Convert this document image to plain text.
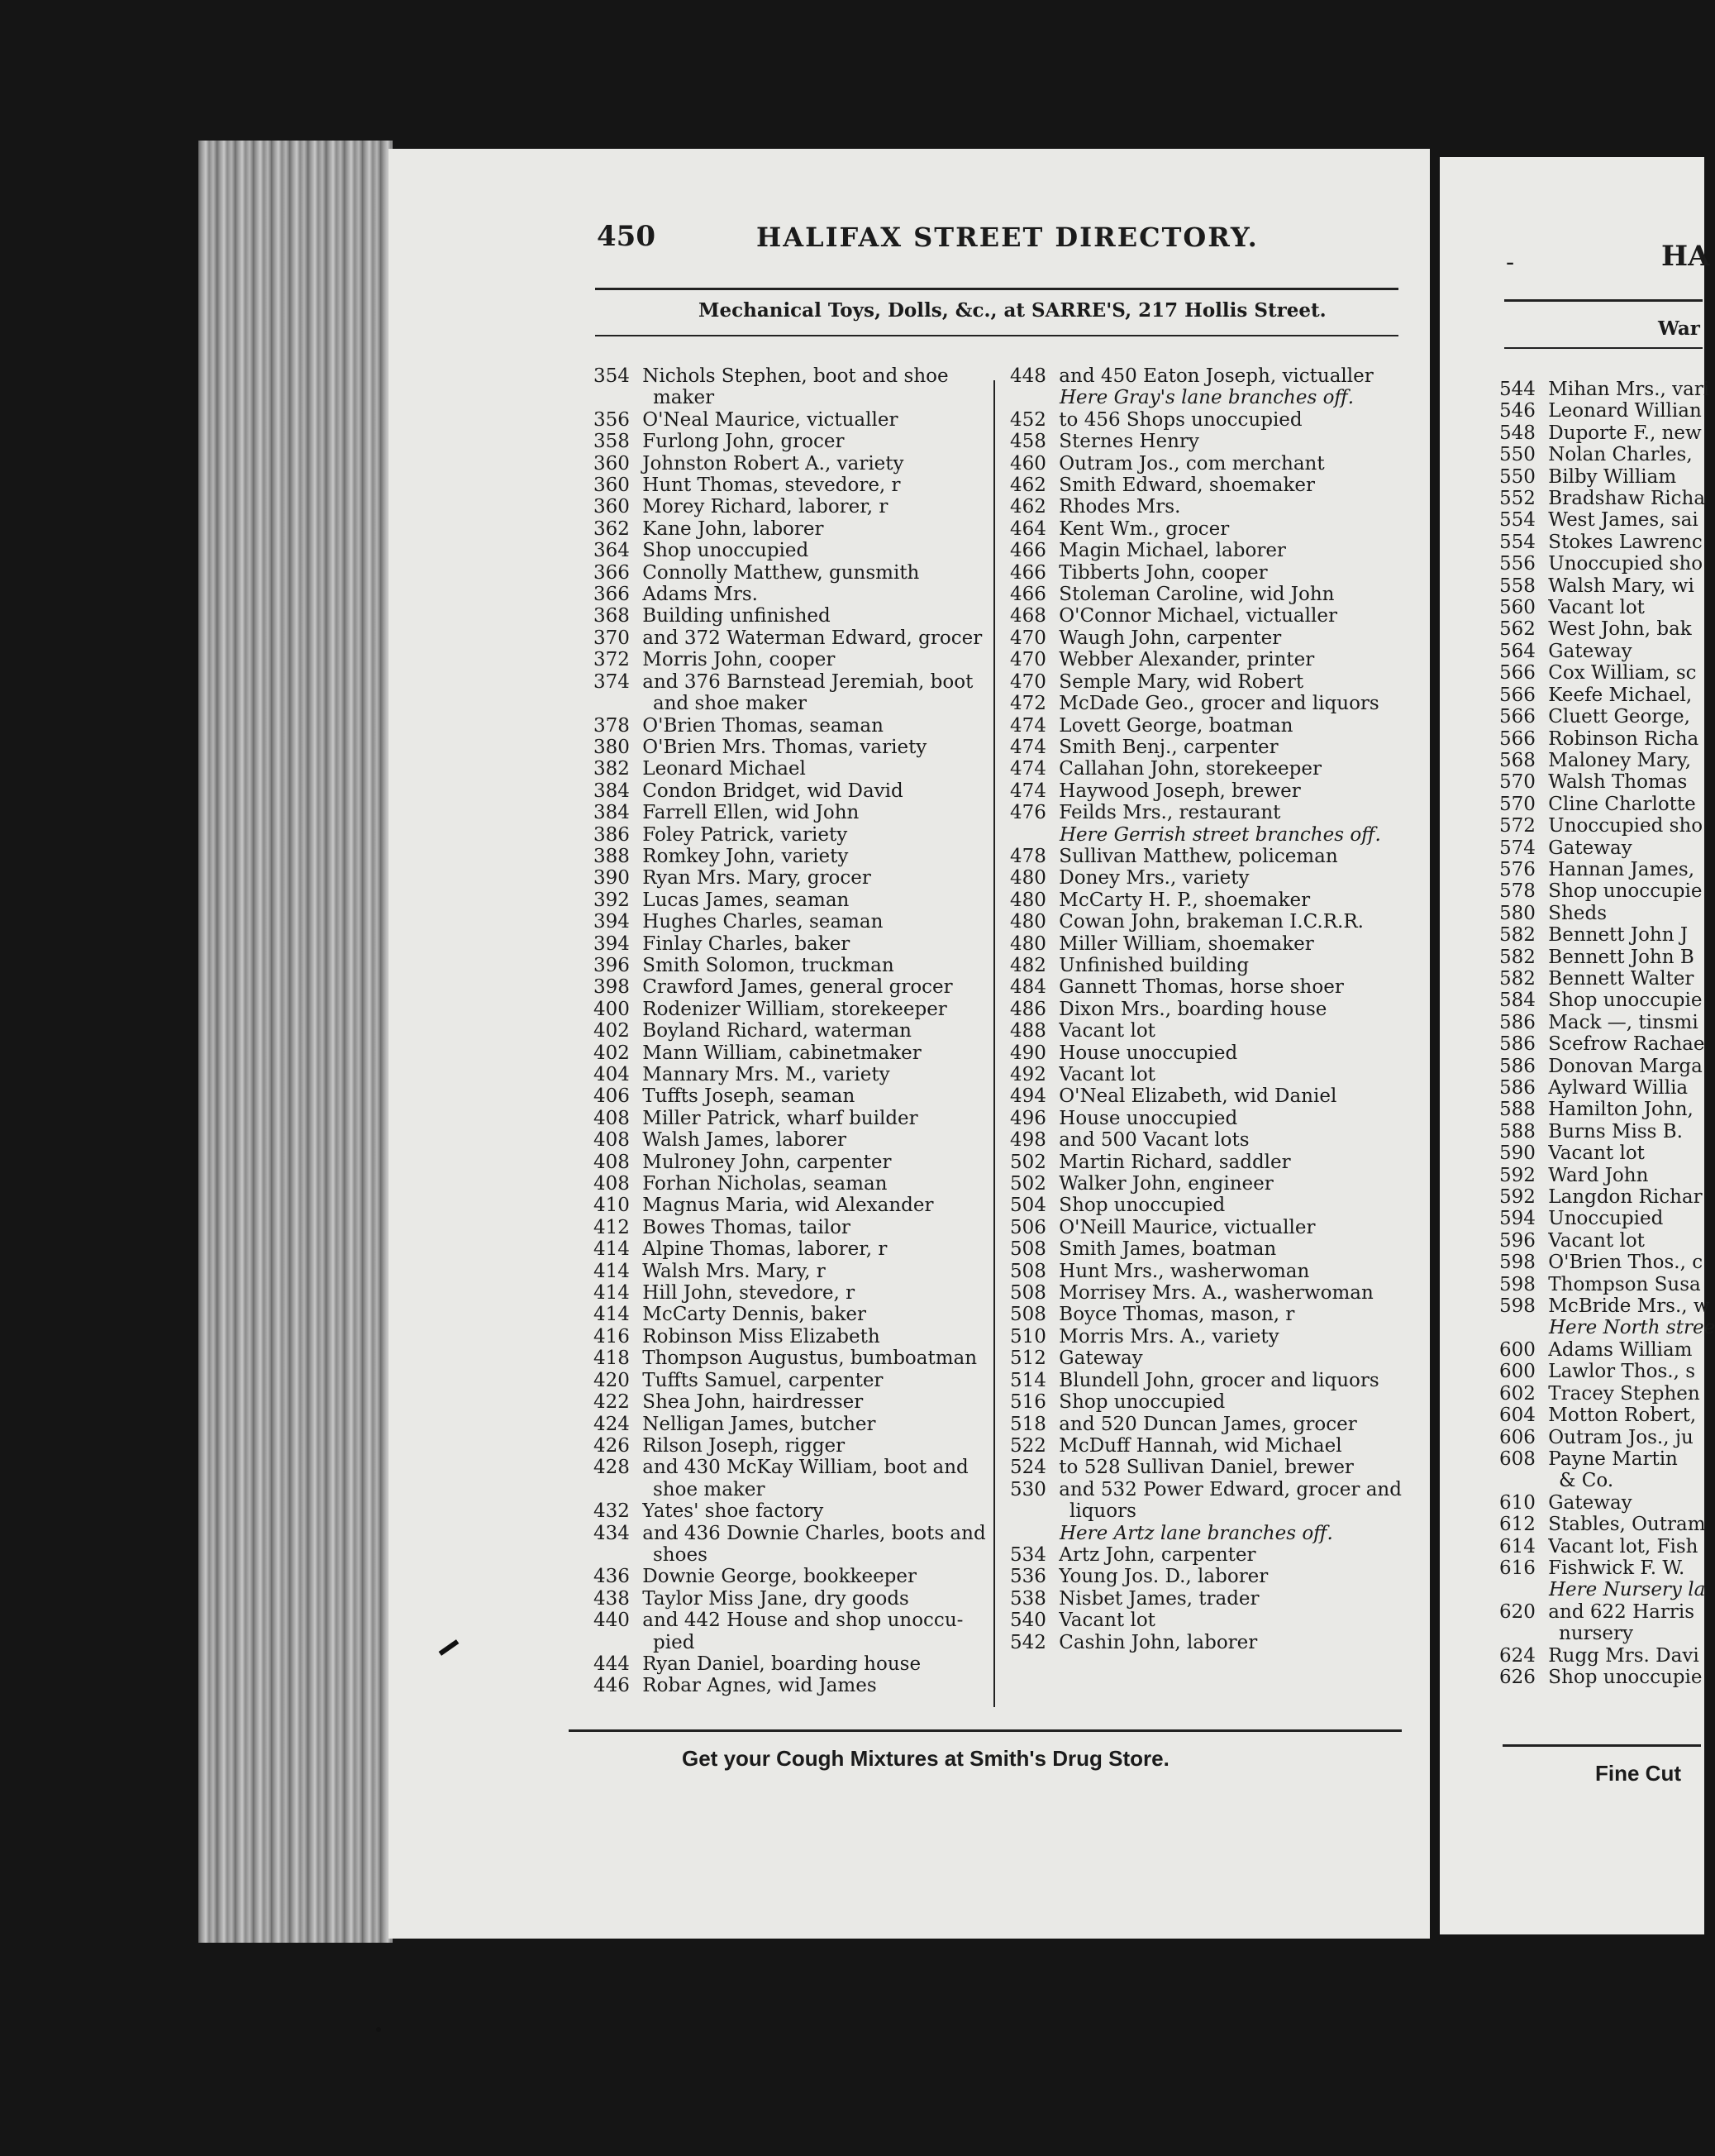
450	HALIFAX STREET DIRECTORY.
Mechanical Toys, Dolls, &c., at SARRE'S, 217 Hollis Street.
354 Nichols Stephen, boot and shoe
maker
356 O'Neal Maurice, victualler
358 Furlong John, grocer
360 Johnston Robert A., variety
360 Hunt Thomas, stevedore, r
360 Morey Richard, laborer, r
362 Kane John, laborer
364 Shop unoccupied
366 Connolly Matthew, gunsmith
366 Adams Mrs.
368 Building unfinished
370 and 372 Waterman Edward, grocer
372 Morris John, cooper
374 and 376 Barnstead Jeremiah, boot
and shoe maker
378 O'Brien Thomas, seaman
380 O'Brien Mrs. Thomas, variety
382 Leonard Michael
384 Condon Bridget, wid David
384 Farrell Ellen, wid John
386 Foley Patrick, variety
388 Romkey John, variety
390 Ryan Mrs. Mary, grocer
392 Lucas James, seaman
394 Hughes Charles, seaman
394 Finlay Charles, baker
396 Smith Solomon, truckman
398 Crawford James, general grocer
400 Rodenizer William, storekeeper
402 Boyland Richard, waterman
402 Mann William, cabinetmaker
404 Mannary Mrs. M., variety
406 Tuffts Joseph, seaman
408 Miller Patrick, wharf builder
408 Walsh James, laborer
408 Mulroney John, carpenter
408 Forhan Nicholas, seaman
410 Magnus Maria, wid Alexander
412 Bowes Thomas, tailor
414 Alpine Thomas, laborer, r
414 Walsh Mrs. Mary, r
414 Hill John, stevedore, r
414 McCarty Dennis, baker
416 Robinson Miss Elizabeth
418 Thompson Augustus, bumboatman
420 Tuffts Samuel, carpenter
422 Shea John, hairdresser
424 Nelligan James, butcher
426 Rilson Joseph, rigger
428 and 430 McKay William, boot and
shoe maker
432 Yates' shoe factory
434 and 436 Downie Charles, boots and
shoes
436 Downie George, bookkeeper
438 Taylor Miss Jane, dry goods
440 and 442 House and shop unoccu-
pied
444 Ryan Daniel, boarding house
446 Robar Agnes, wid James
448 and 450 Eaton Joseph, victualler
Here Gray's lane branches off.
452 to 456 Shops unoccupied
458 Sternes Henry
460 Outram Jos., com merchant
462 Smith Edward, shoemaker
462 Rhodes Mrs.
464 Kent Wm., grocer
466 Magin Michael, laborer
466 Tibberts John, cooper
466 Stoleman Caroline, wid John
468 O'Connor Michael, victualler
470 Waugh John, carpenter
470 Webber Alexander, printer
470 Semple Mary, wid Robert
472 McDade Geo., grocer and liquors
474 Lovett George, boatman
474 Smith Benj., carpenter
474 Callahan John, storekeeper
474 Haywood Joseph, brewer
476 Feilds Mrs., restaurant
Here Gerrish street branches off.
478 Sullivan Matthew, policeman
480 Doney Mrs., variety
480 McCarty H. P., shoemaker
480 Cowan John, brakeman I.C.R.R.
480 Miller William, shoemaker
482 Unfinished building
484 Gannett Thomas, horse shoer
486 Dixon Mrs., boarding house
488 Vacant lot
490 House unoccupied
492 Vacant lot
494 O'Neal Elizabeth, wid Daniel
496 House unoccupied
498 and 500 Vacant lots
502 Martin Richard, saddler
502 Walker John, engineer
504 Shop unoccupied
506 O'Neill Maurice, victualler
508 Smith James, boatman
508 Hunt Mrs., washerwoman
508 Morrisey Mrs. A., washerwoman
508 Boyce Thomas, mason, r
510 Morris Mrs. A., variety
512 Gateway
514 Blundell John, grocer and liquors
516 Shop unoccupied
518 and 520 Duncan James, grocer
522 McDuff Hannah, wid Michael
524 to 528 Sullivan Daniel, brewer
530 and 532 Power Edward, grocer and
liquors
Here Artz lane branches off.
534 Artz John, carpenter
536 Young Jos. D., laborer
538 Nisbet James, trader
540 Vacant lot
542 Cashin John, laborer
Get your Cough Mixtures at Smith's Drug Store.
-	HA
War
544 Mihan Mrs., vari
546 Leonard Willian
548 Duporte F., new
550 Nolan Charles,
550 Bilby William
552 Bradshaw Richa
554 West James, sai
554 Stokes Lawrenc
556 Unoccupied sho
558 Walsh Mary, wi
560 Vacant lot
562 West John, bak
564 Gateway
566 Cox William, sc
566 Keefe Michael,
566 Cluett George,
566 Robinson Richa
568 Maloney Mary,
570 Walsh Thomas
570 Cline Charlotte
572 Unoccupied sho
574 Gateway
576 Hannan James,
578 Shop unoccupie
580 Sheds
582 Bennett John J
582 Bennett John B
582 Bennett Walter
584 Shop unoccupie
586 Mack —, tinsmi
586 Scefrow Rachae
586 Donovan Marga
586 Aylward Willia
588 Hamilton John,
588 Burns Miss B.
590 Vacant lot
592 Ward John
592 Langdon Richar
594 Unoccupied
596 Vacant lot
598 O'Brien Thos., c
598 Thompson Susa
598 McBride Mrs., w
Here North stree
600 Adams William
600 Lawlor Thos., s
602 Tracey Stephen
604 Motton Robert,
606 Outram Jos., ju
608 Payne Martin
& Co.
610 Gateway
612 Stables, Outram
614 Vacant lot, Fish
616 Fishwick F. W.
Here Nursery la
620 and 622 Harris
nursery
624 Rugg Mrs. Davi
626 Shop unoccupie
Fine Cut
